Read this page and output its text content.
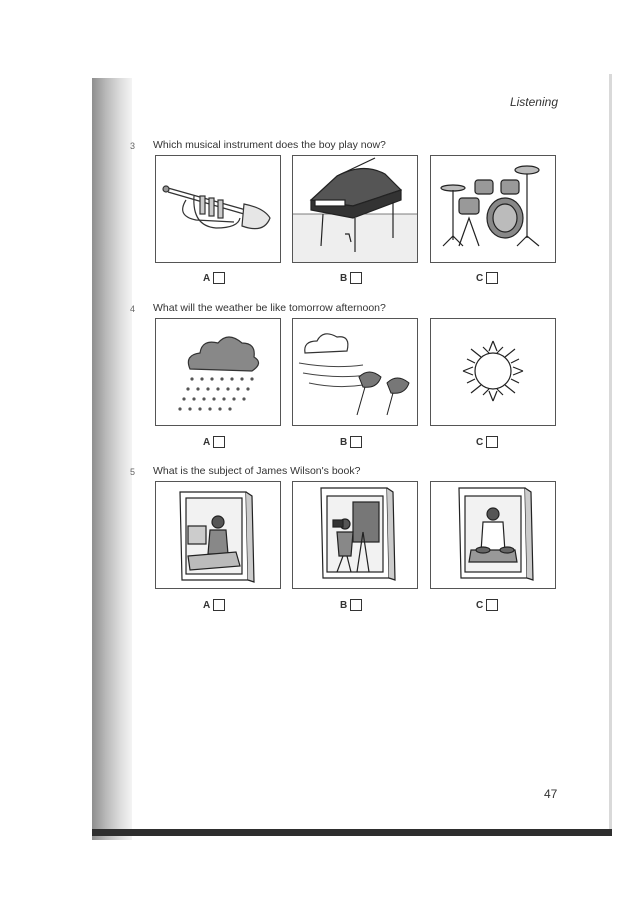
Listening
3 Which musical instrument does the boy play now?
A	B	C
4 What will the weather be like tomorrow afternoon?
A	B	C
5 What is the subject of James Wilson's book?
A	B	C
47
